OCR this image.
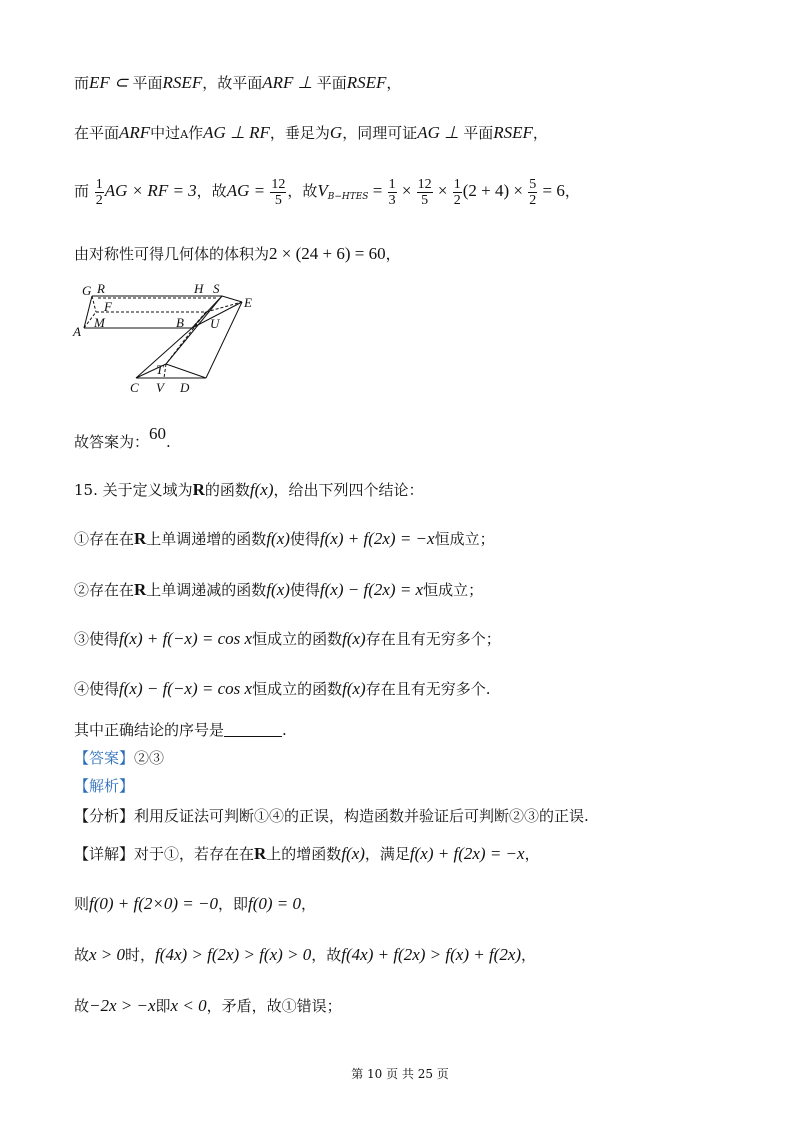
而EF ⊂ 平面RSEF，故平面ARF ⊥ 平面RSEF，
在平面ARF中过A作AG ⊥ RF，垂足为G，同理可证AG ⊥ 平面RSEF，
而 $\frac{1}{2}$ AG × RF = 3，故AG = $\frac{12}{5}$ ，故$V_{B-HTES} = \frac{1}{3} \times \frac{12}{5} \times \frac{1}{2} (2 + 4) \times \frac{5}{2} = 6$，
由对称性可得几何体的体积为2 × (24 + 6) = 60，
G R	H S
E
F
A
M	B U
T
C V D
故答案为：60.
15. 关于定义域为R的函数f(x)，给出下列四个结论：
①存在在R上单调递增的函数f(x)使得f(x) + f(2x) = −x恒成立；
②存在在R上单调递减的函数f(x)使得f(x) − f(2x) = x恒成立；
③使得f(x) + f(−x) = cos x恒成立的函数f(x)存在且有无穷多个；
④使得f(x) − f(−x) = cos x恒成立的函数f(x)存在且有无穷多个.
其中正确结论的序号是	.
【答案】②③
【解析】
【分析】利用反证法可判断①④的正误，构造函数并验证后可判断②③的正误.
【详解】对于①，若存在在R上的增函数f(x)，满足f(x) + f(2x) = −x，
则f(0) + f(2×0) = −0，即f(0) = 0，
故x > 0时，f(4x) > f(2x) > f(x) > 0，故f(4x) + f(2x) > f(x) + f(2x)，
故−2x > −x即x < 0，矛盾，故①错误；
第 10 页 共 25 页
